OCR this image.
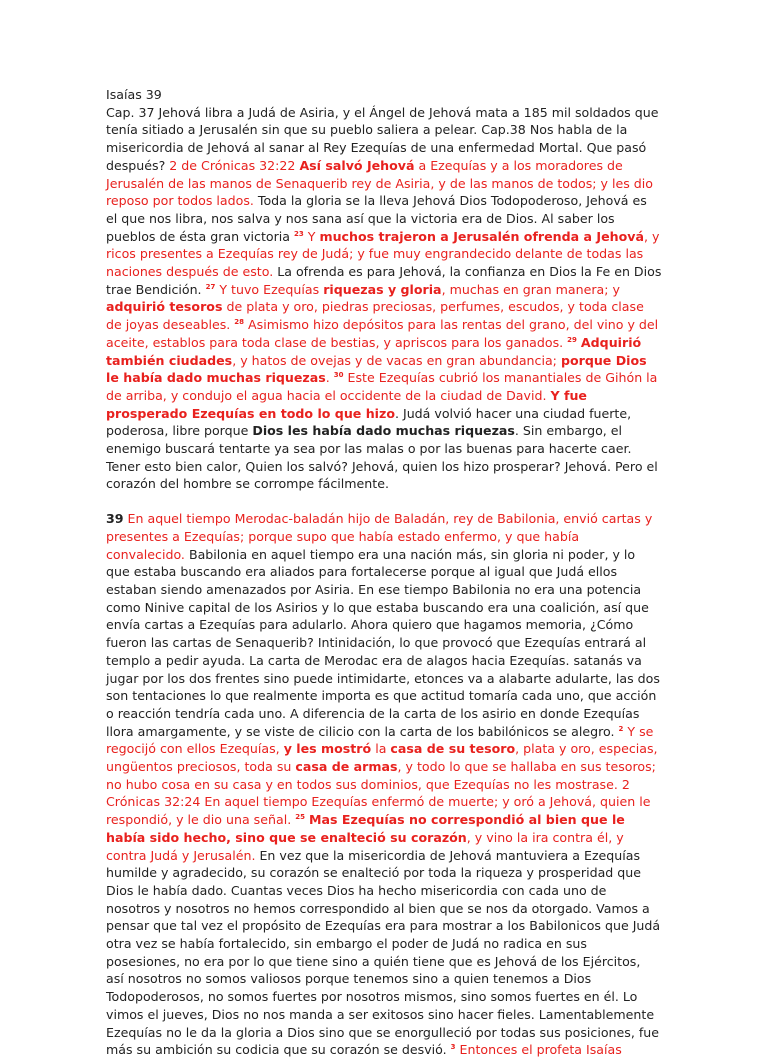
Isaías 39
Cap. 37 Jehová libra a Judá de Asiria, y el Ángel de Jehová mata a 185 mil soldados que tenía sitiado a Jerusalén sin que su pueblo saliera a pelear. Cap.38 Nos habla de la misericordia de Jehová al sanar al Rey Ezequías de una enfermedad Mortal. Que pasó después? 2 de Crónicas 32:22 Así salvó Jehová a Ezequías y a los moradores de Jerusalén de las manos de Senaquerib rey de Asiria, y de las manos de todos; y les dio reposo por todos lados. Toda la gloria se la lleva Jehová Dios Todopoderoso, Jehová es el que nos libra, nos salva y nos sana así que la victoria era de Dios. Al saber los pueblos de ésta gran victoria $^{23}$ Y muchos trajeron a Jerusalén ofrenda a Jehová, y ricos presentes a Ezequías rey de Judá; y fue muy engrandecido delante de todas las naciones después de esto. La ofrenda es para Jehová, la confianza en Dios la Fe en Dios trae Bendición. $^{27}$ Y tuvo Ezequías riquezas y gloria, muchas en gran manera; y adquirió tesoros de plata y oro, piedras preciosas, perfumes, escudos, y toda clase de joyas deseables. $^{28}$ Asimismo hizo depósitos para las rentas del grano, del vino y del aceite, establos para toda clase de bestias, y apriscos para los ganados. $^{29}$ Adquirió también ciudades, y hatos de ovejas y de vacas en gran abundancia; porque Dios le había dado muchas riquezas. $^{30}$ Este Ezequías cubrió los manantiales de Gihón la de arriba, y condujo el agua hacia el occidente de la ciudad de David. Y fue prosperado Ezequías en todo lo que hizo. Judá volvió hacer una ciudad fuerte, poderosa, libre porque Dios les había dado muchas riquezas. Sin embargo, el enemigo buscará tentarte ya sea por las malas o por las buenas para hacerte caer. Tener esto bien calor, Quien los salvó? Jehová, quien los hizo prosperar? Jehová. Pero el corazón del hombre se corrompe fácilmente.

39 En aquel tiempo Merodac-baladán hijo de Baladán, rey de Babilonia, envió cartas y presentes a Ezequías; porque supo que había estado enfermo, y que había convalecido. Babilonia en aquel tiempo era una nación más, sin gloria ni poder, y lo que estaba buscando era aliados para fortalecerse porque al igual que Judá ellos estaban siendo amenazados por Asiria. En ese tiempo Babilonia no era una potencia como Ninive capital de los Asirios y lo que estaba buscando era una coalición, así que envía cartas a Ezequías para adularlo. Ahora quiero que hagamos memoria, ¿Cómo fueron las cartas de Senaquerib? Intinidación, lo que provocó que Ezequías entrará al templo a pedir ayuda. La carta de Merodac era de alagos hacia Ezequías. satanás va jugar por los dos frentes sino puede intimidarte, etonces va a alabarte adularte, las dos son tentaciones lo que realmente importa es que actitud tomaría cada uno, que acción o reacción tendría cada uno. A diferencia de la carta de los asirio en donde Ezequías llora amargamente, y se viste de cilicio con la carta de los babilónicos se alegro. $^2$ Y se regocijó con ellos Ezequías, y les mostró la casa de su tesoro, plata y oro, especias, ungüentos preciosos, toda su casa de armas, y todo lo que se hallaba en sus tesoros; no hubo cosa en su casa y en todos sus dominios, que Ezequías no les mostrase. 2 Crónicas 32:24 En aquel tiempo Ezequías enfermó de muerte; y oró a Jehová, quien le respondió, y le dio una señal. $^{25}$ Mas Ezequías no correspondió al bien que le había sido hecho, sino que se enalteció su corazón, y vino la ira contra él, y contra Judá y Jerusalén. En vez que la misericordia de Jehová mantuviera a Ezequías humilde y agradecido, su corazón se enalteció por toda la riqueza y prosperidad que Dios le había dado. Cuantas veces Dios ha hecho misericordia con cada uno de nosotros y nosotros no hemos correspondido al bien que se nos da otorgado. Vamos a pensar que tal vez el propósito de Ezequías era para mostrar a los Babilonicos que Judá otra vez se había fortalecido, sin embargo el poder de Judá no radica en sus posesiones, no era por lo que tiene sino a quién tiene que es Jehová de los Ejércitos, así nosotros no somos valiosos porque tenemos sino a quien tenemos a Dios Todopoderosos, no somos fuertes por nosotros mismos, sino somos fuertes en él. Lo vimos el jueves, Dios no nos manda a ser exitosos sino hacer fieles. Lamentablemente Ezequías no le da la gloria a Dios sino que se enorgulleció por todas sus posiciones, fue más su ambición su codicia que su corazón se desvió. $^3$ Entonces el profeta Isaías
